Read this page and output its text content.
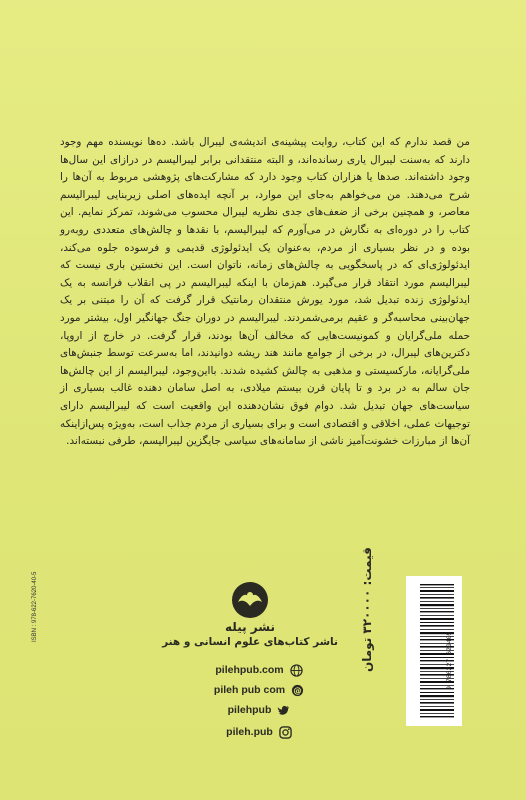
من قصد ندارم که این کتاب، روایت پیشینه‌ی اندیشه‌ی لیبرال باشد. ده‌ها نویسنده مهم وجود دارند که به‌سنت لیبرال یاری رسانده‌اند، و البته منتقدانی برابر لیبرالیسم در درازای این سال‌ها وجود داشته‌اند. صدها یا هزاران کتاب وجود دارد که مشارکت‌های پژوهشی مربوط به آن‌ها را شرح می‌دهند. من می‌خواهم به‌جای این موارد، بر آنچه ایده‌های اصلی زیربنایی لیبرالیسم معاصر، و همچنین برخی از ضعف‌های جدی نظریه لیبرال محسوب می‌شوند، تمرکز نمایم. این کتاب را در دوره‌ای به نگارش در می‌آورم که لیبرالیسم، با نقدها و چالش‌های متعددی روبه‌رو بوده و در نظر بسیاری از مردم، به‌عنوان یک ایدئولوژی قدیمی و فرسوده جلوه می‌کند، ایدئولوژی‌ای که در پاسخگویی به چالش‌های زمانه، ناتوان است. این نخستین باری نیست که لیبرالیسم مورد انتقاد قرار می‌گیرد. هم‌زمان با اینکه لیبرالیسم در پی انقلاب فرانسه به یک ایدئولوژی زنده تبدیل شد، مورد یورش منتقدان رمانتیک قرار گرفت که آن را مبتنی بر یک جهان‌بینی محاسبه‌گر و عقیم برمی‌شمردند. لیبرالیسم در دوران جنگ جهانگیر اول، بیشتر مورد حمله ملی‌گرایان و کمونیست‌هایی که مخالف آن‌ها بودند، قرار گرفت. در خارج از اروپا، دکترین‌های لیبرال، در برخی از جوامع مانند هند ریشه دوانیدند، اما به‌سرعت توسط جنبش‌های ملی‌گرایانه، مارکسیستی و مذهبی به چالش کشیده شدند. بااین‌وجود، لیبرالیسم از این چالش‌ها جان سالم به در برد و تا پایان قرن بیستم میلادی، به اصل سامان دهنده غالب بسیاری از سیاست‌های جهان تبدیل شد. دوام فوق نشان‌دهنده این واقعیت است که لیبرالیسم دارای توجیهات عملی، اخلاقی و اقتصادی است و برای بسیاری از مردم جذاب است، به‌ویژه پس‌ازاینکه آن‌ها از مبارزات خشونت‌آمیز ناشی از سامانه‌های سیاسی جایگزین لیبرالیسم، طرفی نبسته‌اند.

نشر پیله
ناشر کتاب‌های علوم انسانی و هنر
pilehpub.com
pileh pub com @
pilehpub
pileh.pub
ISBN : 978-622-7620-40-5
9 786227 620405
قیمت: ۳۲۰۰۰۰ تومان
